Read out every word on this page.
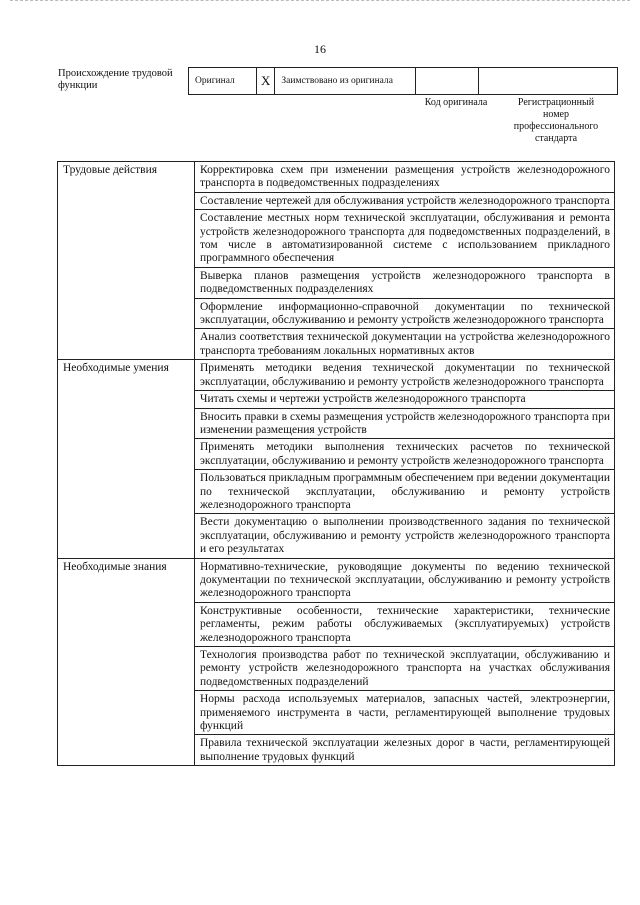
16
Происхождение трудовой функции	Оригинал	X	Заимствовано из оригинала		
Код оригинала	Регистрационный номер профессионального стандарта
Трудовые действия	Корректировка схем при изменении размещения устройств железнодорожного транспорта в подведомственных подразделениях
	Составление чертежей для обслуживания устройств железнодорожного транспорта
	Составление местных норм технической эксплуатации, обслуживания и ремонта устройств железнодорожного транспорта для подведомственных подразделений, в том числе в автоматизированной системе с использованием прикладного программного обеспечения
	Выверка планов размещения устройств железнодорожного транспорта в подведомственных подразделениях
	Оформление информационно-справочной документации по технической эксплуатации, обслуживанию и ремонту устройств железнодорожного транспорта
	Анализ соответствия технической документации на устройства железнодорожного транспорта требованиям локальных нормативных актов
Необходимые умения	Применять методики ведения технической документации по технической эксплуатации, обслуживанию и ремонту устройств железнодорожного транспорта
	Читать схемы и чертежи устройств железнодорожного транспорта
	Вносить правки в схемы размещения устройств железнодорожного транспорта при изменении размещения устройств
	Применять методики выполнения технических расчетов по технической эксплуатации, обслуживанию и ремонту устройств железнодорожного транспорта
	Пользоваться прикладным программным обеспечением при ведении документации по технической эксплуатации, обслуживанию и ремонту устройств железнодорожного транспорта
	Вести документацию о выполнении производственного задания по технической эксплуатации, обслуживанию и ремонту устройств железнодорожного транспорта и его результатах
Необходимые знания	Нормативно-технические, руководящие документы по ведению технической документации по технической эксплуатации, обслуживанию и ремонту устройств железнодорожного транспорта
	Конструктивные особенности, технические характеристики, технические регламенты, режим работы обслуживаемых (эксплуатируемых) устройств железнодорожного транспорта
	Технология производства работ по технической эксплуатации, обслуживанию и ремонту устройств железнодорожного транспорта на участках обслуживания подведомственных подразделений
	Нормы расхода используемых материалов, запасных частей, электроэнергии, применяемого инструмента в части, регламентирующей выполнение трудовых функций
	Правила технической эксплуатации железных дорог в части, регламентирующей выполнение трудовых функций
